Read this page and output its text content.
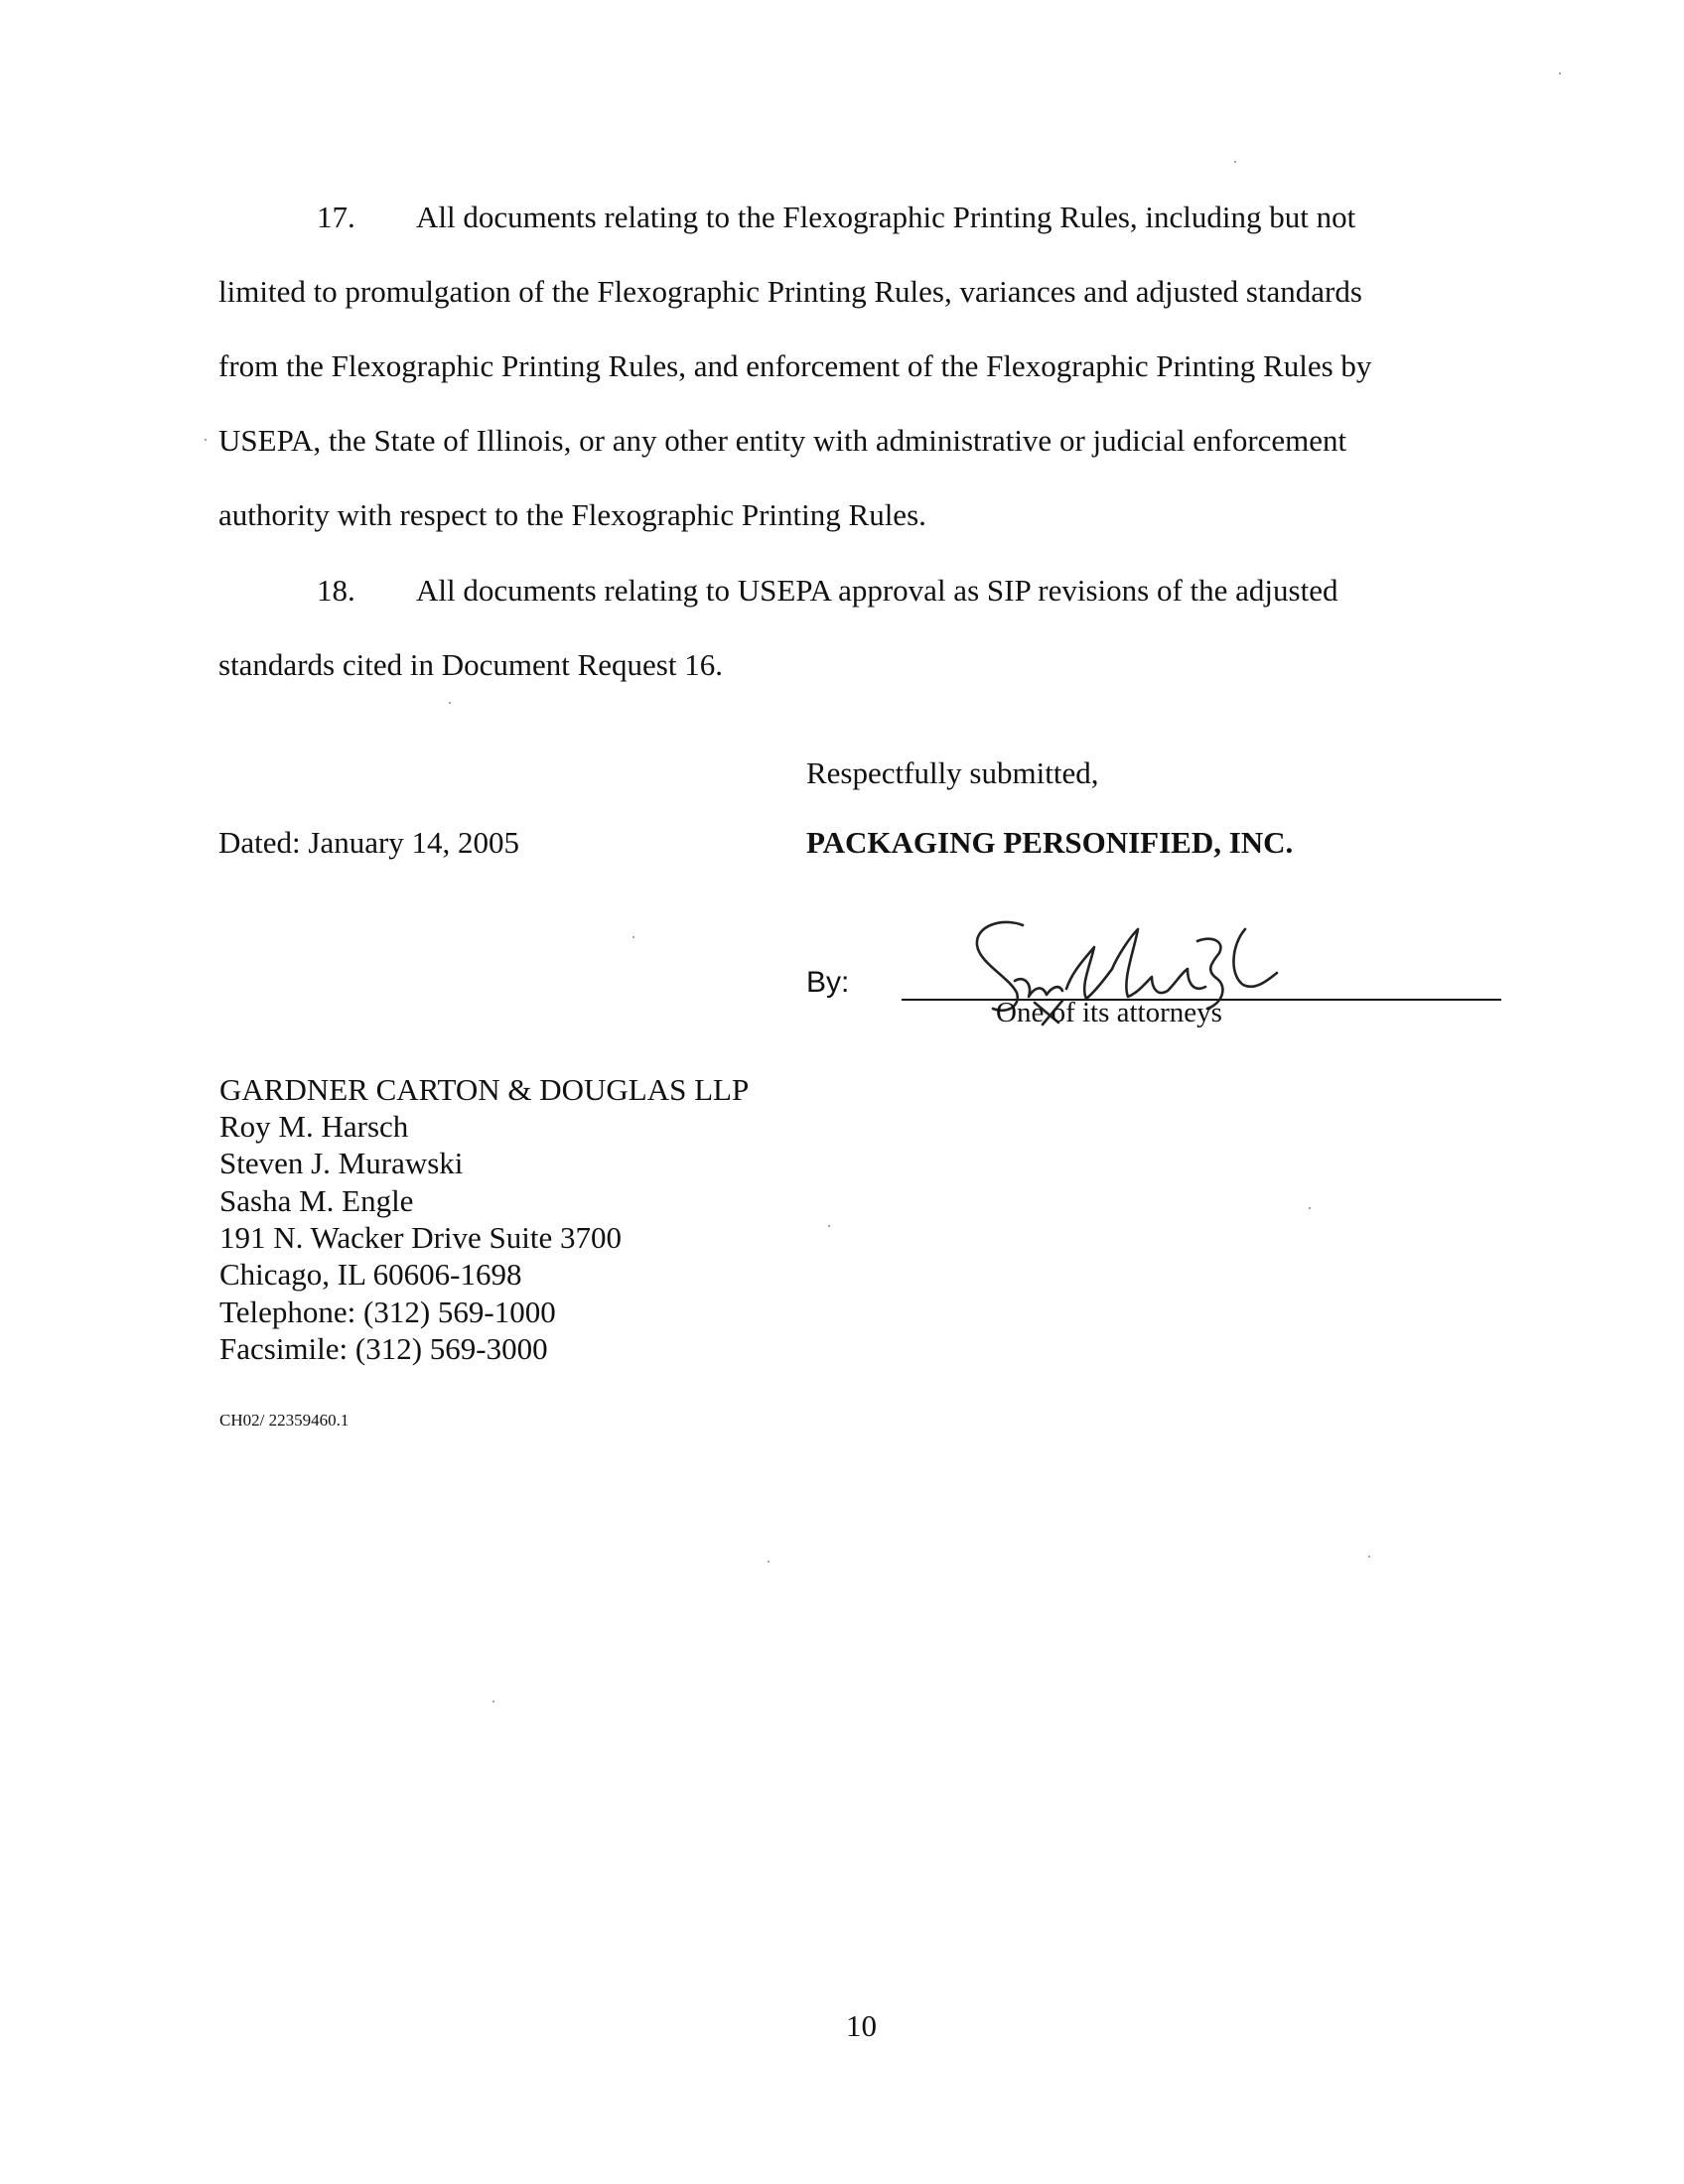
17. All documents relating to the Flexographic Printing Rules, including but not
limited to promulgation of the Flexographic Printing Rules, variances and adjusted standards
from the Flexographic Printing Rules, and enforcement of the Flexographic Printing Rules by
USEPA, the State of Illinois, or any other entity with administrative or judicial enforcement
authority with respect to the Flexographic Printing Rules.
18. All documents relating to USEPA approval as SIP revisions of the adjusted
standards cited in Document Request 16.
Respectfully submitted,
Dated: January 14, 2005	PACKAGING PERSONIFIED, INC.
By:
One of its attorneys
GARDNER CARTON & DOUGLAS LLP
Roy M. Harsch
Steven J. Murawski
Sasha M. Engle
191 N. Wacker Drive Suite 3700
Chicago, IL 60606-1698
Telephone: (312) 569-1000
Facsimile: (312) 569-3000
CH02/ 22359460.1
10
